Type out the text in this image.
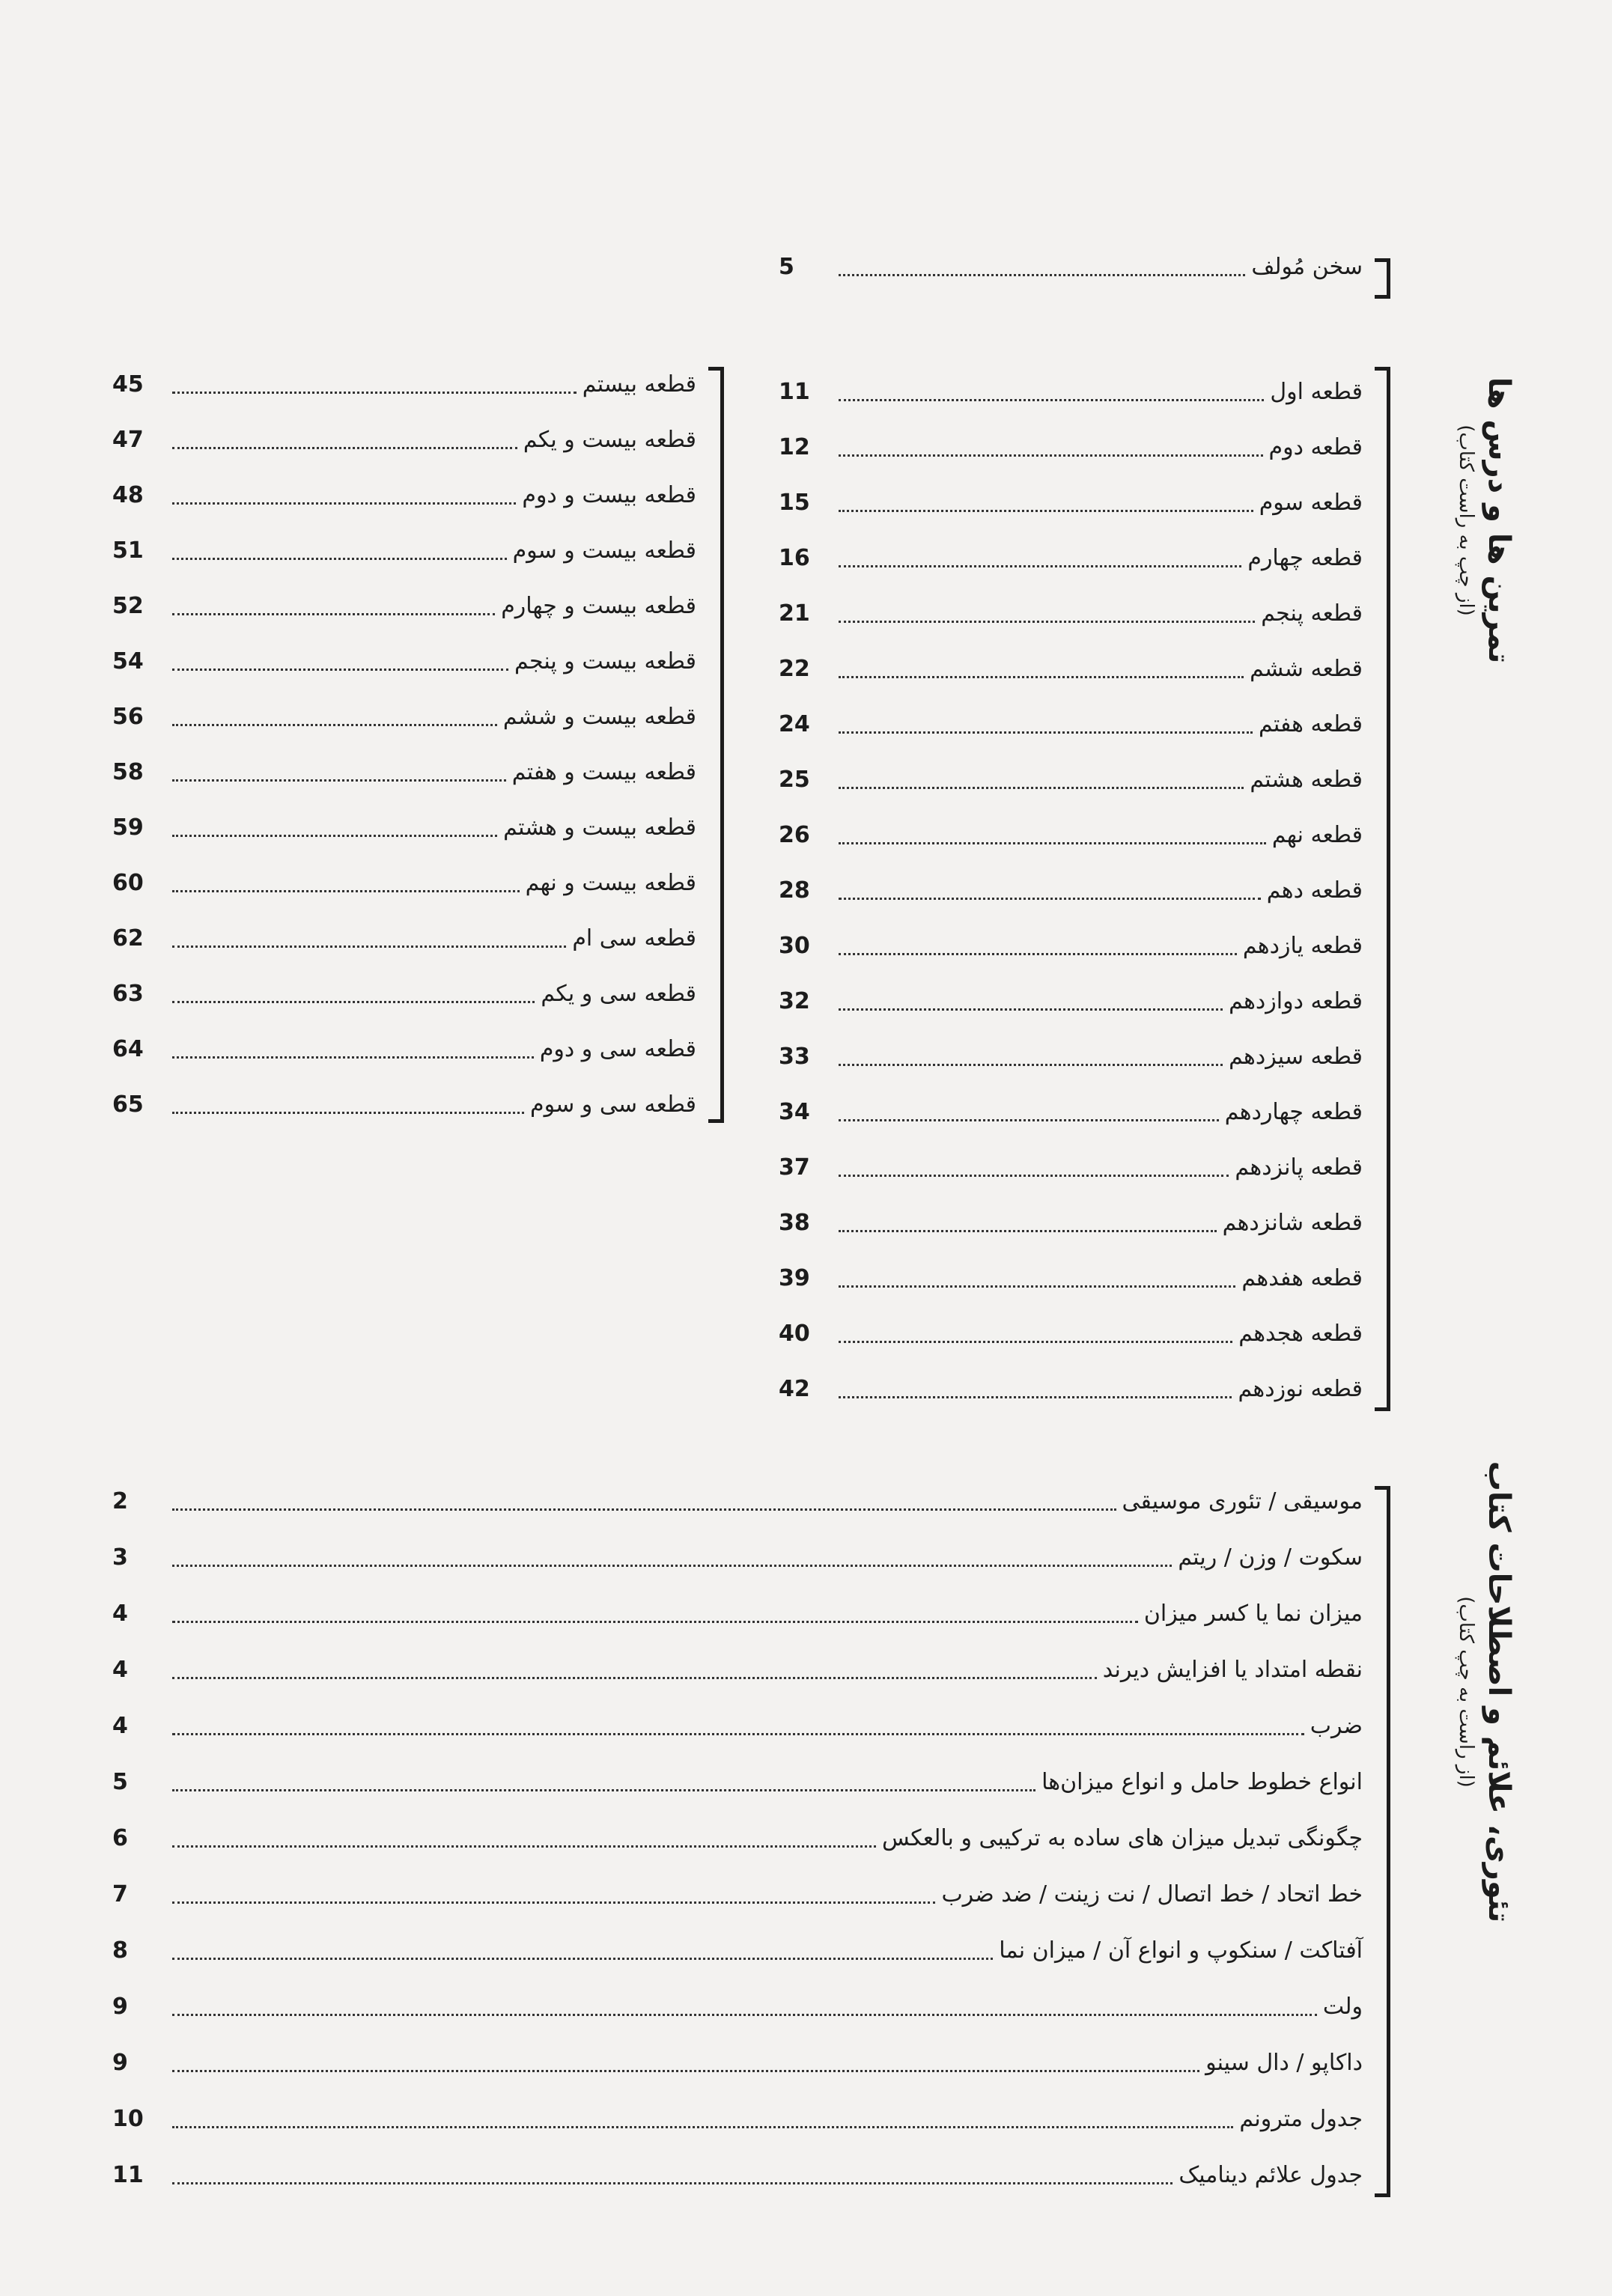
سخن مُولف
5
تمرین ها و درس ها
(از چپ به راست کتاب)
قطعه اول
11
قطعه دوم
12
قطعه سوم
15
قطعه چهارم
16
قطعه پنجم
21
قطعه ششم
22
قطعه هفتم
24
قطعه هشتم
25
قطعه نهم
26
قطعه دهم
28
قطعه یازدهم
30
قطعه دوازدهم
32
قطعه سیزدهم
33
قطعه چهاردهم
34
قطعه پانزدهم
37
قطعه شانزدهم
38
قطعه هفدهم
39
قطعه هجدهم
40
قطعه نوزدهم
42
قطعه بیستم
45
قطعه بیست و یکم
47
قطعه بیست و دوم
48
قطعه بیست و سوم
51
قطعه بیست و چهارم
52
قطعه بیست و پنجم
54
قطعه بیست و ششم
56
قطعه بیست و هفتم
58
قطعه بیست و هشتم
59
قطعه بیست و نهم
60
قطعه سی ام
62
قطعه سی و یکم
63
قطعه سی و دوم
64
قطعه سی و سوم
65
تئوری، علائم و اصطلاحات کتاب
(از راست به چپ کتاب)
موسیقی / تئوری موسیقی
2
سکوت / وزن / ریتم
3
میزان نما یا کسر میزان
4
نقطه امتداد یا افزایش دیرند
4
ضرب
4
انواع خطوط حامل و انواع میزان‌ها
5
چگونگی تبدیل میزان های ساده به ترکیبی و بالعکس
6
خط اتحاد / خط اتصال / نت زینت / ضد ضرب
7
آفتاکت / سنکوپ و انواع آن / میزان نما
8
ولت
9
داکاپو / دال سینو
9
جدول مترونم
10
جدول علائم دینامیک
11
